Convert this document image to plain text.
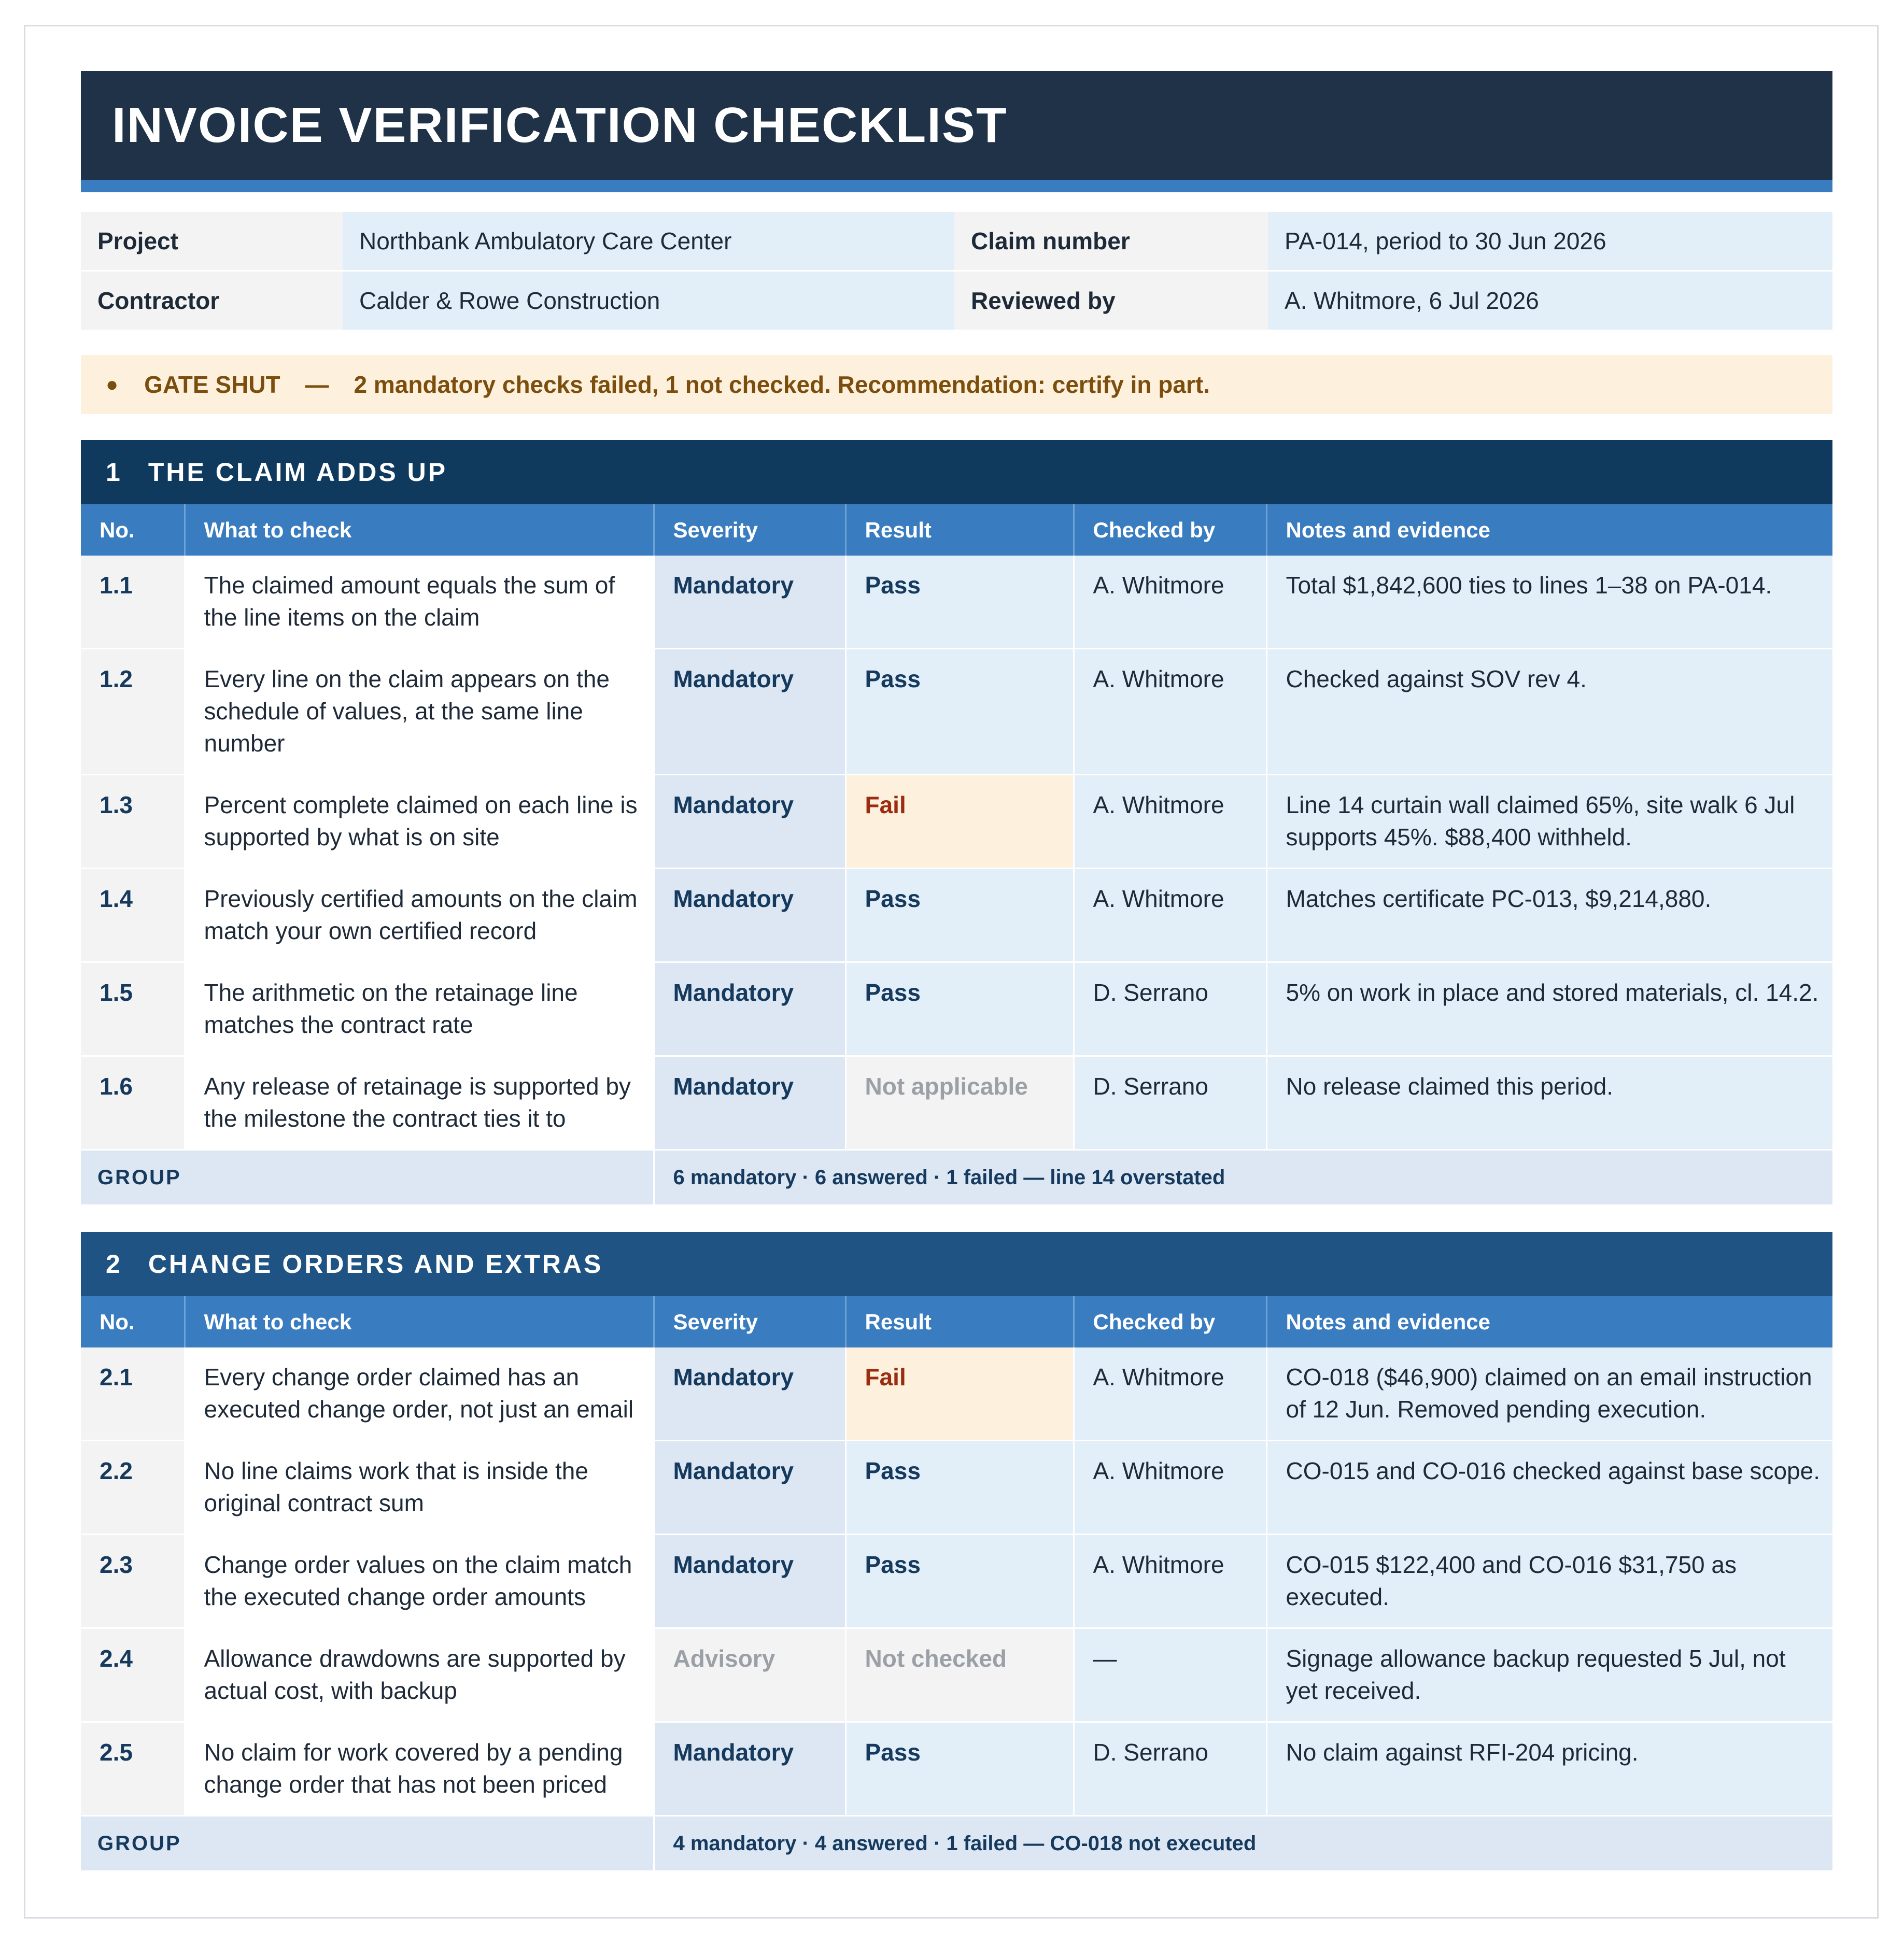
INVOICE VERIFICATION CHECKLIST
Project	Northbank Ambulatory Care Center	Claim number	PA-014, period to 30 Jun 2026
Contractor	Calder & Rowe Construction	Reviewed by	A. Whitmore, 6 Jul 2026
● GATE SHUT — 2 mandatory checks failed, 1 not checked. Recommendation: certify in part.
1 THE CLAIM ADDS UP
No.	What to check	Severity	Result	Checked by	Notes and evidence
1.1	The claimed amount equals the sum of the line items on the claim	Mandatory	Pass	A. Whitmore	Total $1,842,600 ties to lines 1–38 on PA-014.
1.2	Every line on the claim appears on the schedule of values, at the same line number	Mandatory	Pass	A. Whitmore	Checked against SOV rev 4.
1.3	Percent complete claimed on each line is supported by what is on site	Mandatory	Fail	A. Whitmore	Line 14 curtain wall claimed 65%, site walk 6 Jul supports 45%. $88,400 withheld.
1.4	Previously certified amounts on the claim match your own certified record	Mandatory	Pass	A. Whitmore	Matches certificate PC-013, $9,214,880.
1.5	The arithmetic on the retainage line matches the contract rate	Mandatory	Pass	D. Serrano	5% on work in place and stored materials, cl. 14.2.
1.6	Any release of retainage is supported by the milestone the contract ties it to	Mandatory	Not applicable	D. Serrano	No release claimed this period.
GROUP		6 mandatory · 6 answered · 1 failed — line 14 overstated			
2 CHANGE ORDERS AND EXTRAS
No.	What to check	Severity	Result	Checked by	Notes and evidence
2.1	Every change order claimed has an executed change order, not just an email	Mandatory	Fail	A. Whitmore	CO-018 ($46,900) claimed on an email instruction of 12 Jun. Removed pending execution.
2.2	No line claims work that is inside the original contract sum	Mandatory	Pass	A. Whitmore	CO-015 and CO-016 checked against base scope.
2.3	Change order values on the claim match the executed change order amounts	Mandatory	Pass	A. Whitmore	CO-015 $122,400 and CO-016 $31,750 as executed.
2.4	Allowance drawdowns are supported by actual cost, with backup	Advisory	Not checked	—	Signage allowance backup requested 5 Jul, not yet received.
2.5	No claim for work covered by a pending change order that has not been priced	Mandatory	Pass	D. Serrano	No claim against RFI-204 pricing.
GROUP		4 mandatory · 4 answered · 1 failed — CO-018 not executed			
